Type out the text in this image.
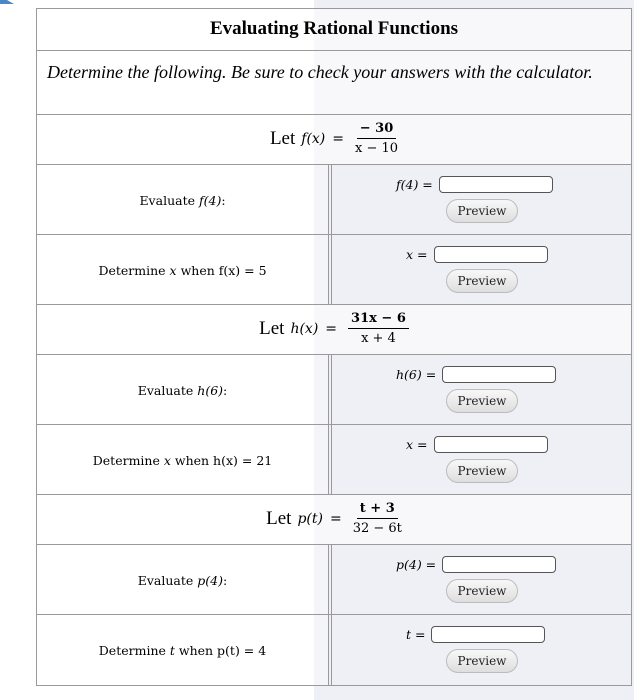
Evaluating Rational Functions
Determine the following. Be sure to check your answers with the calculator.
Let $f(x) = \frac{- 30}{x - 10}$
Evaluate f(4):
f(4) =
Preview
Determine x when f(x) = 5
x =
Preview
Let $h(x) = \frac{31x - 6}{x + 4}$
Evaluate h(6):
h(6) =
Preview
Determine x when h(x) = 21
x =
Preview
Let $p(t) = \frac{t + 3}{32 - 6t}$
Evaluate p(4):
p(4) =
Preview
Determine t when p(t) = 4
t =
Preview
